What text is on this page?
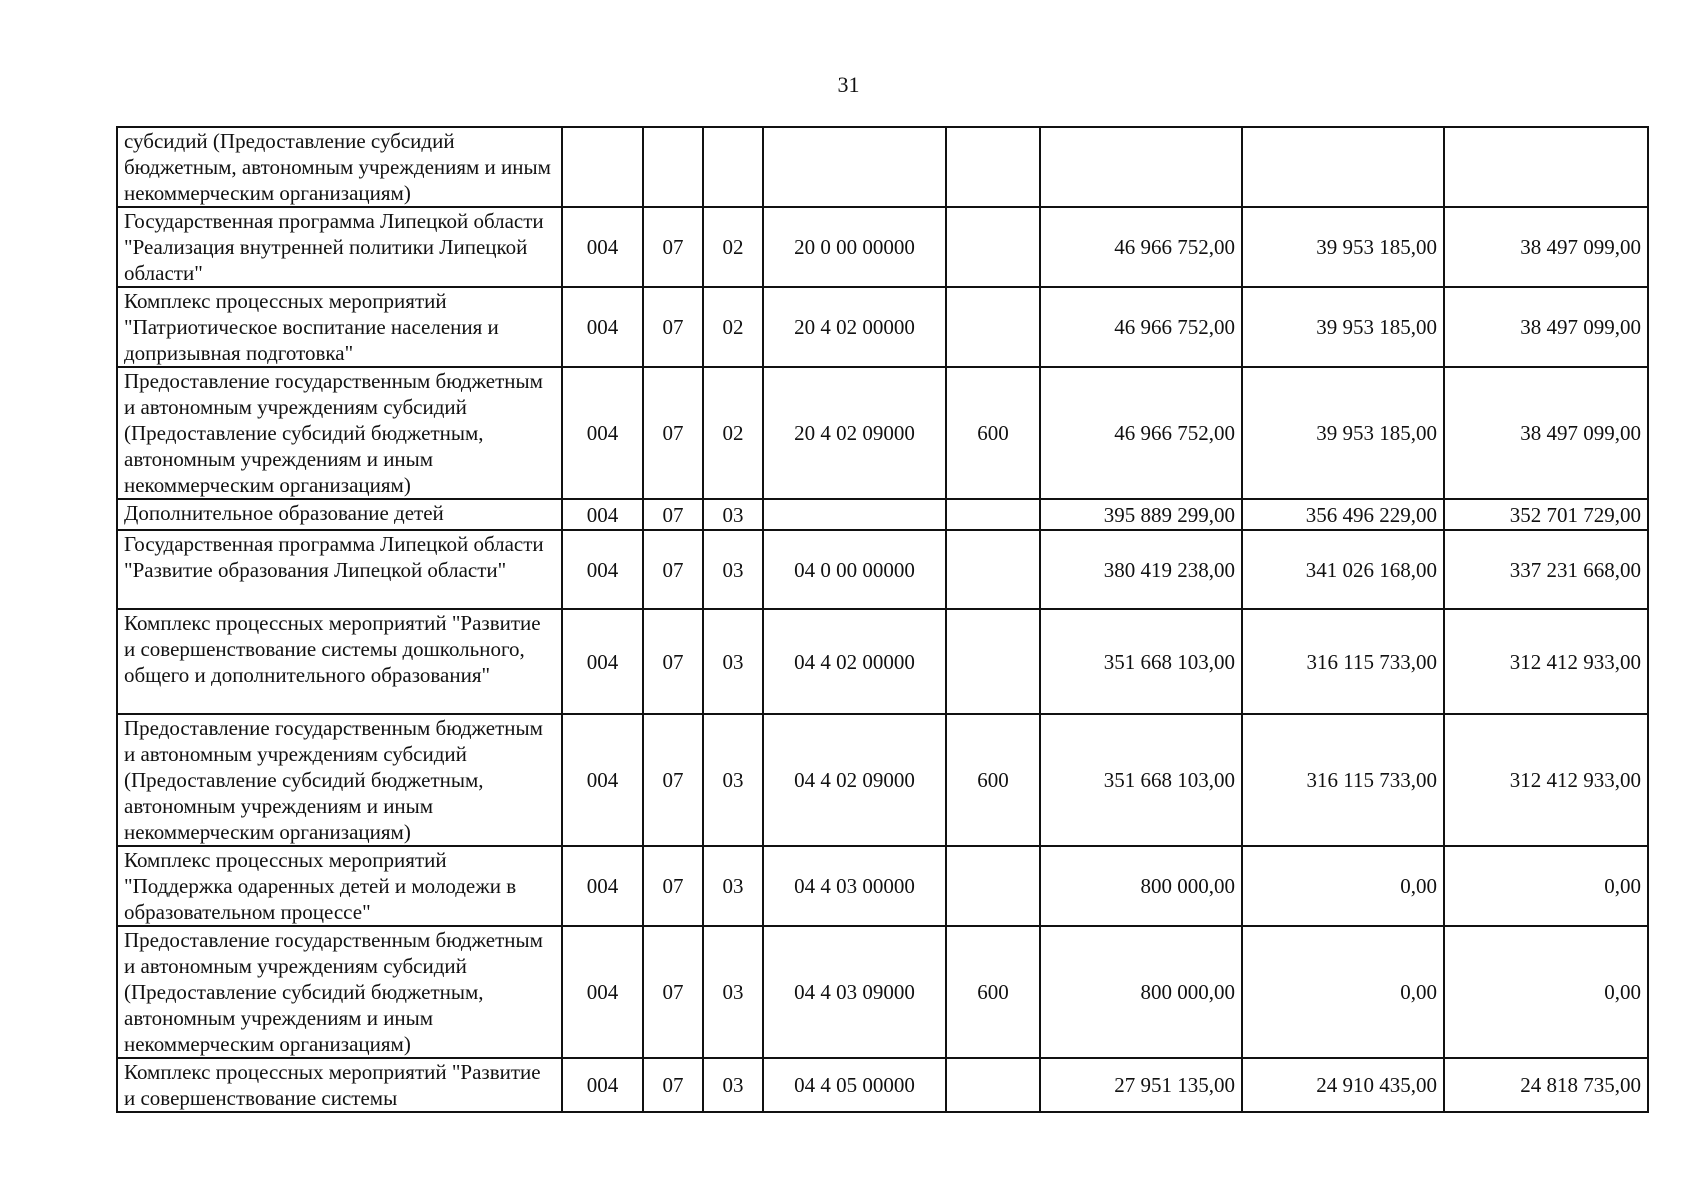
31
субсидий (Предоставление субсидий бюджетным, автономным учреждениям и иным некоммерческим организациям)								
Государственная программа Липецкой области "Реализация внутренней политики Липецкой области"	004	07	02	20 0 00 00000		46 966 752,00	39 953 185,00	38 497 099,00
Комплекс процессных мероприятий "Патриотическое воспитание населения и допризывная подготовка"	004	07	02	20 4 02 00000		46 966 752,00	39 953 185,00	38 497 099,00
Предоставление государственным бюджетным и автономным учреждениям субсидий (Предоставление субсидий бюджетным, автономным учреждениям и иным некоммерческим организациям)	004	07	02	20 4 02 09000	600	46 966 752,00	39 953 185,00	38 497 099,00
Дополнительное образование детей	004	07	03			395 889 299,00	356 496 229,00	352 701 729,00
Государственная программа Липецкой области "Развитие образования Липецкой области"	004	07	03	04 0 00 00000		380 419 238,00	341 026 168,00	337 231 668,00
Комплекс процессных мероприятий "Развитие и совершенствование системы дошкольного, общего и дополнительного образования"	004	07	03	04 4 02 00000		351 668 103,00	316 115 733,00	312 412 933,00
Предоставление государственным бюджетным и автономным учреждениям субсидий (Предоставление субсидий бюджетным, автономным учреждениям и иным некоммерческим организациям)	004	07	03	04 4 02 09000	600	351 668 103,00	316 115 733,00	312 412 933,00
Комплекс процессных мероприятий "Поддержка одаренных детей и молодежи в образовательном процессе"	004	07	03	04 4 03 00000		800 000,00	0,00	0,00
Предоставление государственным бюджетным и автономным учреждениям субсидий (Предоставление субсидий бюджетным, автономным учреждениям и иным некоммерческим организациям)	004	07	03	04 4 03 09000	600	800 000,00	0,00	0,00
Комплекс процессных мероприятий "Развитие и совершенствование системы	004	07	03	04 4 05 00000		27 951 135,00	24 910 435,00	24 818 735,00
